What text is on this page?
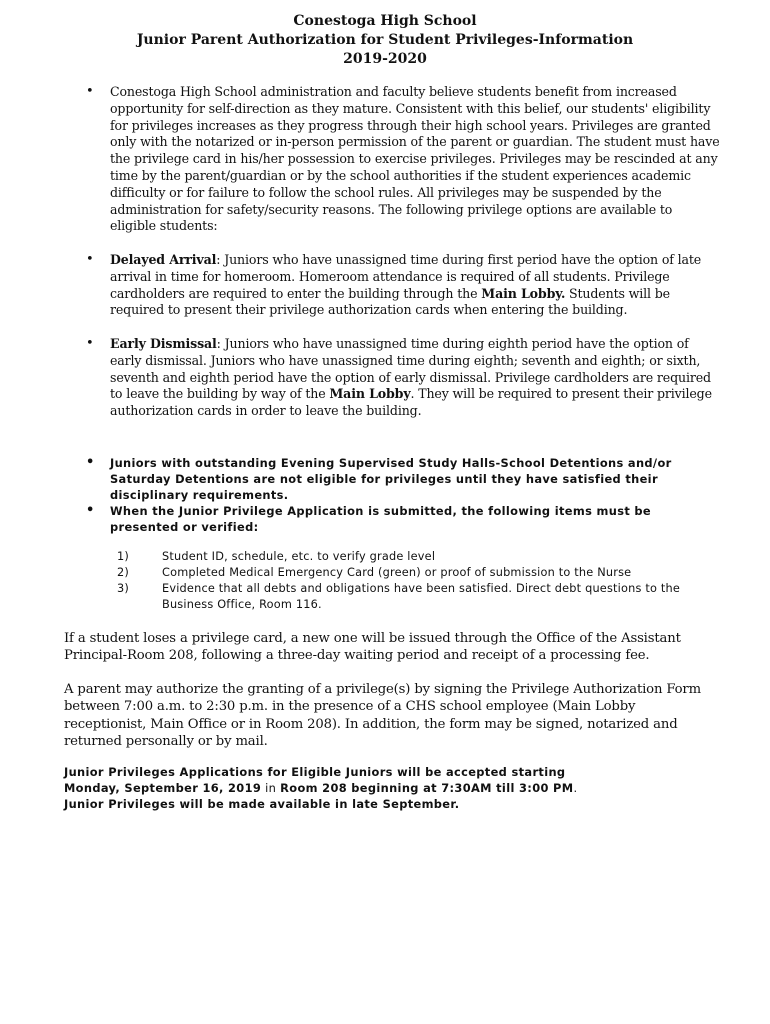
Conestoga High School
Junior Parent Authorization for Student Privileges-Information
2019-2020
• Conestoga High School administration and faculty believe students benefit from increased opportunity for self-direction as they mature. Consistent with this belief, our students' eligibility for privileges increases as they progress through their high school years. Privileges are granted only with the notarized or in-person permission of the parent or guardian. The student must have the privilege card in his/her possession to exercise privileges. Privileges may be rescinded at any time by the parent/guardian or by the school authorities if the student experiences academic difficulty or for failure to follow the school rules. All privileges may be suspended by the administration for safety/security reasons. The following privilege options are available to eligible students:
• Delayed Arrival: Juniors who have unassigned time during first period have the option of late arrival in time for homeroom. Homeroom attendance is required of all students. Privilege cardholders are required to enter the building through the Main Lobby. Students will be required to present their privilege authorization cards when entering the building.
• Early Dismissal: Juniors who have unassigned time during eighth period have the option of early dismissal. Juniors who have unassigned time during eighth; seventh and eighth; or sixth, seventh and eighth period have the option of early dismissal. Privilege cardholders are required to leave the building by way of the Main Lobby. They will be required to present their privilege authorization cards in order to leave the building.
• Juniors with outstanding Evening Supervised Study Halls-School Detentions and/or Saturday Detentions are not eligible for privileges until they have satisfied their disciplinary requirements.
• When the Junior Privilege Application is submitted, the following items must be presented or verified:
1)	Student ID, schedule, etc. to verify grade level
2)	Completed Medical Emergency Card (green) or proof of submission to the Nurse
3)	Evidence that all debts and obligations have been satisfied. Direct debt questions to the Business Office, Room 116.
If a student loses a privilege card, a new one will be issued through the Office of the Assistant Principal-Room 208, following a three-day waiting period and receipt of a processing fee.
A parent may authorize the granting of a privilege(s) by signing the Privilege Authorization Form between 7:00 a.m. to 2:30 p.m. in the presence of a CHS school employee (Main Lobby receptionist, Main Office or in Room 208). In addition, the form may be signed, notarized and returned personally or by mail.
Junior Privileges Applications for Eligible Juniors will be accepted starting
Monday, September 16, 2019 in Room 208 beginning at 7:30AM till 3:00 PM.
Junior Privileges will be made available in late September.
